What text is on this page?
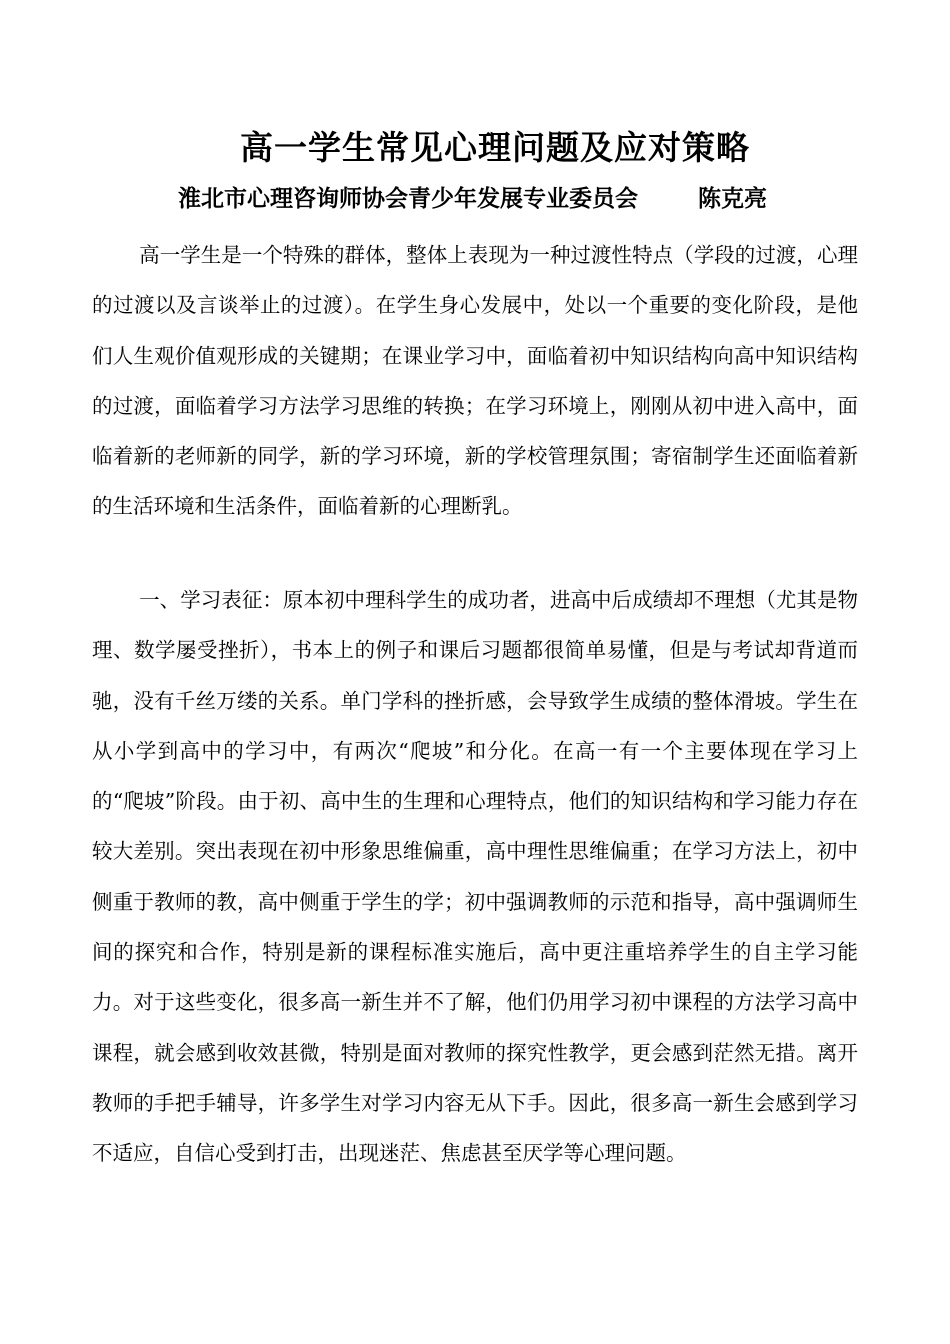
高一学生常见心理问题及应对策略
淮北市心理咨询师协会青少年发展专业委员会	陈克亮

高一学生是一个特殊的群体，整体上表现为一种过渡性特点（学段的过渡，心理的过渡以及言谈举止的过渡）。在学生身心发展中，处以一个重要的变化阶段，是他们人生观价值观形成的关键期；在课业学习中，面临着初中知识结构向高中知识结构的过渡，面临着学习方法学习思维的转换；在学习环境上，刚刚从初中进入高中，面临着新的老师新的同学，新的学习环境，新的学校管理氛围；寄宿制学生还面临着新的生活环境和生活条件，面临着新的心理断乳。

一、学习表征：原本初中理科学生的成功者，进高中后成绩却不理想（尤其是物理、数学屡受挫折），书本上的例子和课后习题都很简单易懂，但是与考试却背道而驰，没有千丝万缕的关系。单门学科的挫折感，会导致学生成绩的整体滑坡。学生在从小学到高中的学习中，有两次“爬坡”和分化。在高一有一个主要体现在学习上的“爬坡”阶段。由于初、高中生的生理和心理特点，他们的知识结构和学习能力存在较大差别。突出表现在初中形象思维偏重，高中理性思维偏重；在学习方法上，初中侧重于教师的教，高中侧重于学生的学；初中强调教师的示范和指导，高中强调师生间的探究和合作，特别是新的课程标准实施后，高中更注重培养学生的自主学习能力。对于这些变化，很多高一新生并不了解，他们仍用学习初中课程的方法学习高中课程，就会感到收效甚微，特别是面对教师的探究性教学，更会感到茫然无措。离开教师的手把手辅导，许多学生对学习内容无从下手。因此，很多高一新生会感到学习不适应，自信心受到打击，出现迷茫、焦虑甚至厌学等心理问题。
